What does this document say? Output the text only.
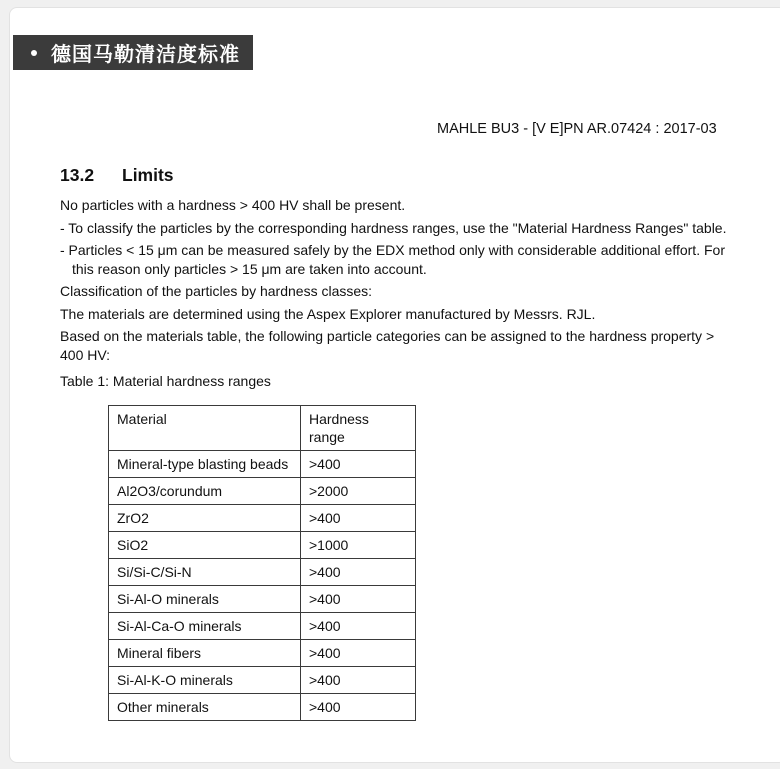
德国马勒清洁度标准
MAHLE BU3 - [V E]PN AR.07424 : 2017-03
13.2 Limits

No particles with a hardness > 400 HV shall be present.

- To classify the particles by the corresponding hardness ranges, use the "Material Hardness Ranges" table.

- Particles < 15 μm can be measured safely by the EDX method only with considerable additional effort. For this reason only particles > 15 μm are taken into account.

Classification of the particles by hardness classes:

The materials are determined using the Aspex Explorer manufactured by Messrs. RJL.

Based on the materials table, the following particle categories can be assigned to the hardness property > 400 HV:

Table 1: Material hardness ranges
Material	Hardness range
Mineral-type blasting beads	>400
Al2O3/corundum	>2000
ZrO2	>400
SiO2	>1000
Si/Si-C/Si-N	>400
Si-Al-O minerals	>400
Si-Al-Ca-O minerals	>400
Mineral fibers	>400
Si-Al-K-O minerals	>400
Other minerals	>400
